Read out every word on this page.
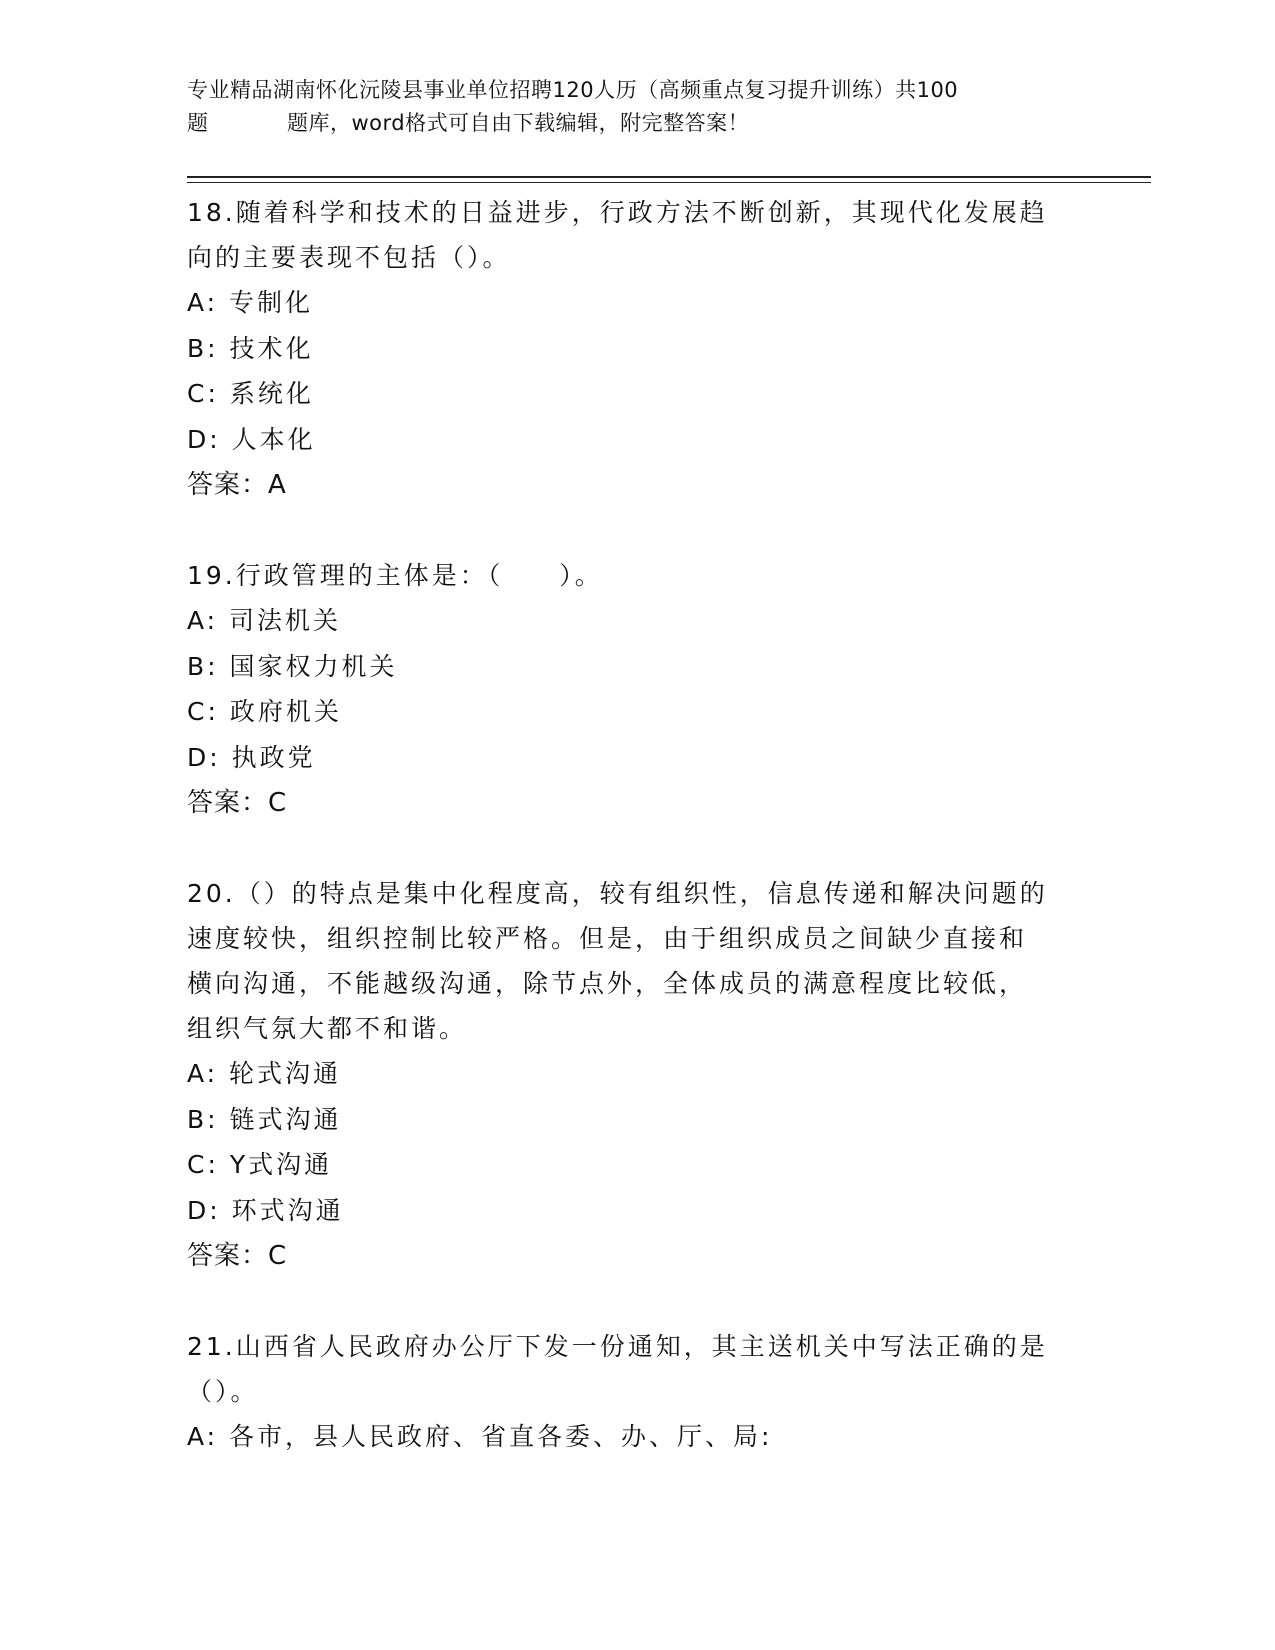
专业精品湖南怀化沅陵县事业单位招聘120人历（高频重点复习提升训练）共100
题	题库，word格式可自由下载编辑，附完整答案！

18.随着科学和技术的日益进步，行政方法不断创新，其现代化发展趋

向的主要表现不包括（）。

A: 专制化

B: 技术化

C: 系统化

D: 人本化

答案：A

19.行政管理的主体是：（　　）。

A: 司法机关

B: 国家权力机关

C: 政府机关

D: 执政党

答案：C

20.（）的特点是集中化程度高，较有组织性，信息传递和解决问题的

速度较快，组织控制比较严格。但是，由于组织成员之间缺少直接和

横向沟通，不能越级沟通，除节点外，全体成员的满意程度比较低，

组织气氛大都不和谐。

A: 轮式沟通

B: 链式沟通

C: Y式沟通

D: 环式沟通

答案：C

21.山西省人民政府办公厅下发一份通知，其主送机关中写法正确的是

（）。

A: 各市，县人民政府、省直各委、办、厅、局:
